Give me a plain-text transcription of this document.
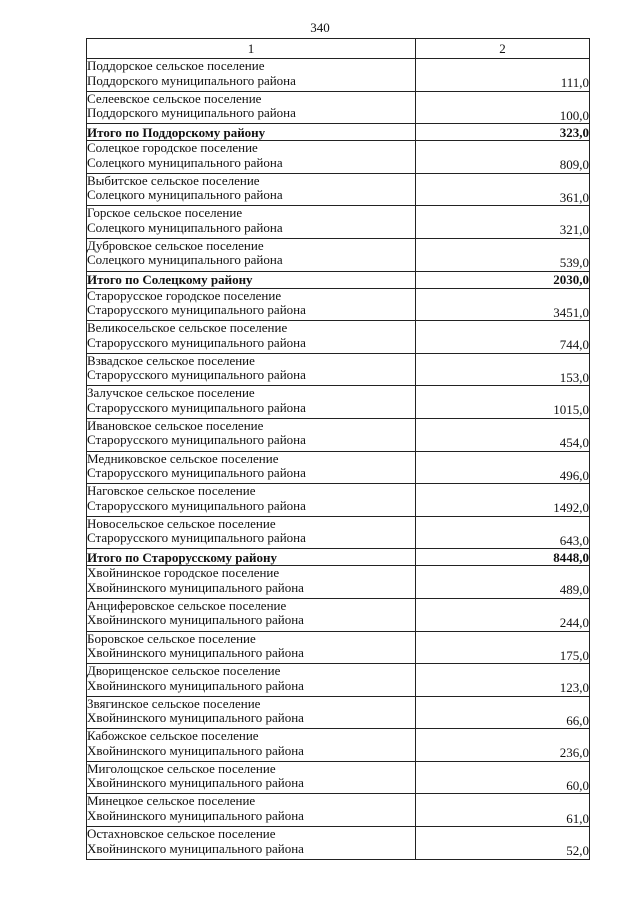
340
1	2

Поддорское сельское поселение
Поддорского муниципального района	111,0

Селеевское сельское поселение
Поддорского муниципального района	100,0

Итого по Поддорскому району	323,0

Солецкое городское поселение
Солецкого муниципального района	809,0

Выбитское сельское поселение
Солецкого муниципального района	361,0

Горское сельское поселение
Солецкого муниципального района	321,0

Дубровское сельское поселение
Солецкого муниципального района	539,0

Итого по Солецкому району	2030,0

Старорусское городское поселение
Старорусского муниципального района	3451,0

Великосельское сельское поселение
Старорусского муниципального района	744,0

Взвадское сельское поселение
Старорусского муниципального района	153,0

Залучское сельское поселение
Старорусского муниципального района	1015,0

Ивановское сельское поселение
Старорусского муниципального района	454,0

Медниковское сельское поселение
Старорусского муниципального района	496,0

Наговское сельское поселение
Старорусского муниципального района	1492,0

Новосельское сельское поселение
Старорусского муниципального района	643,0

Итого по Старорусскому району	8448,0

Хвойнинское городское поселение
Хвойнинского муниципального района	489,0

Анциферовское сельское поселение
Хвойнинского муниципального района	244,0

Боровское сельское поселение
Хвойнинского муниципального района	175,0

Дворищенское сельское поселение
Хвойнинского муниципального района	123,0

Звягинское сельское поселение
Хвойнинского муниципального района	66,0

Кабожское сельское поселение
Хвойнинского муниципального района	236,0

Миголощское сельское поселение
Хвойнинского муниципального района	60,0

Минецкое сельское поселение
Хвойнинского муниципального района	61,0

Остахновское сельское поселение
Хвойнинского муниципального района	52,0
